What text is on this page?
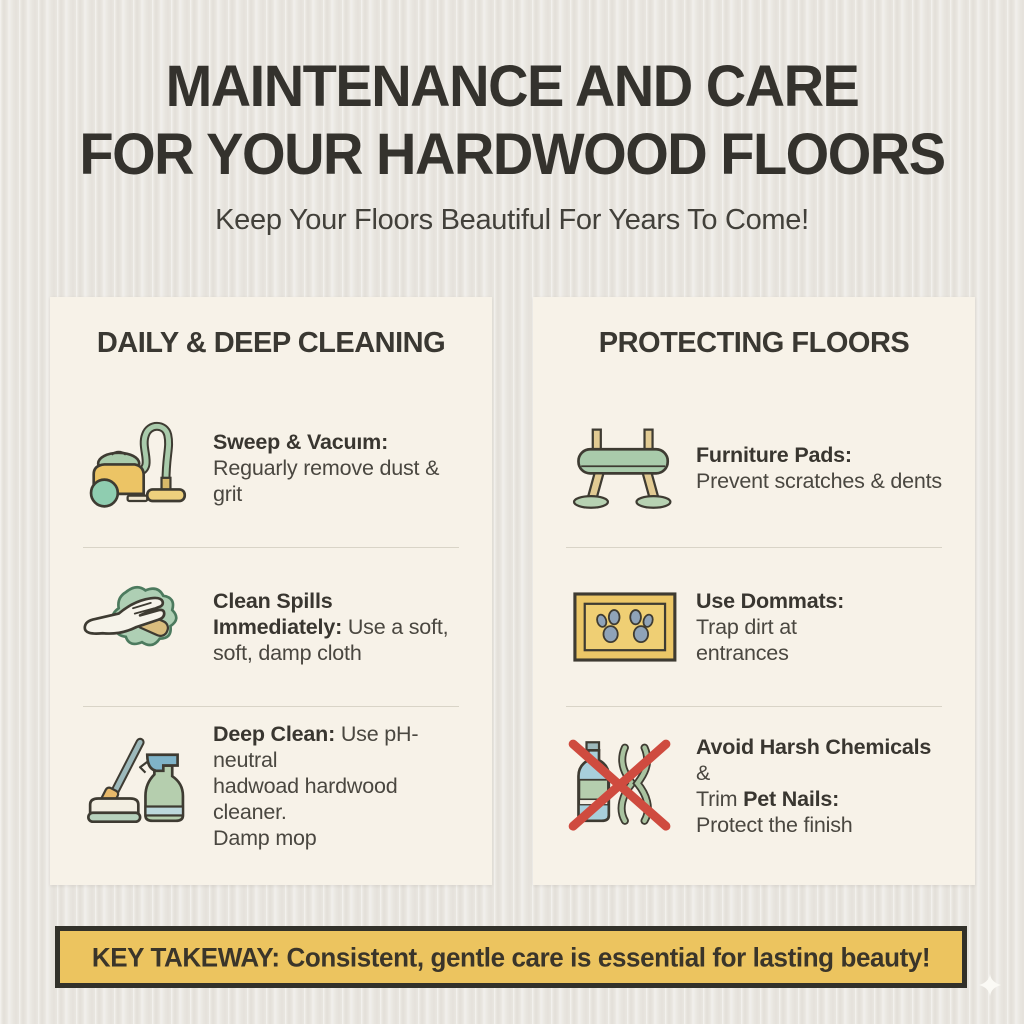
MAINTENANCE AND CARE
FOR YOUR HARDWOOD FLOORS
Keep Your Floors Beautiful For Years To Come!
DAILY & DEEP CLEANING
Sweep & Vacuım:
Reguarly remove dust & grit
Clean Spills
Immediately: Use a soft,
soft, damp cloth
Deep Clean: Use pH-neutral
hadwoad hardwood cleaner.
Damp mop
PROTECTING FLOORS
Furniture Pads:
Prevent scratches & dents
Use Dommats:
Trap dirt at
entrances
Avoid Harsh Chemicals &
Trim Pet Nails:
Protect the finish
KEY TAKEWAY: Consistent, gentle care is essential for lasting beauty!
